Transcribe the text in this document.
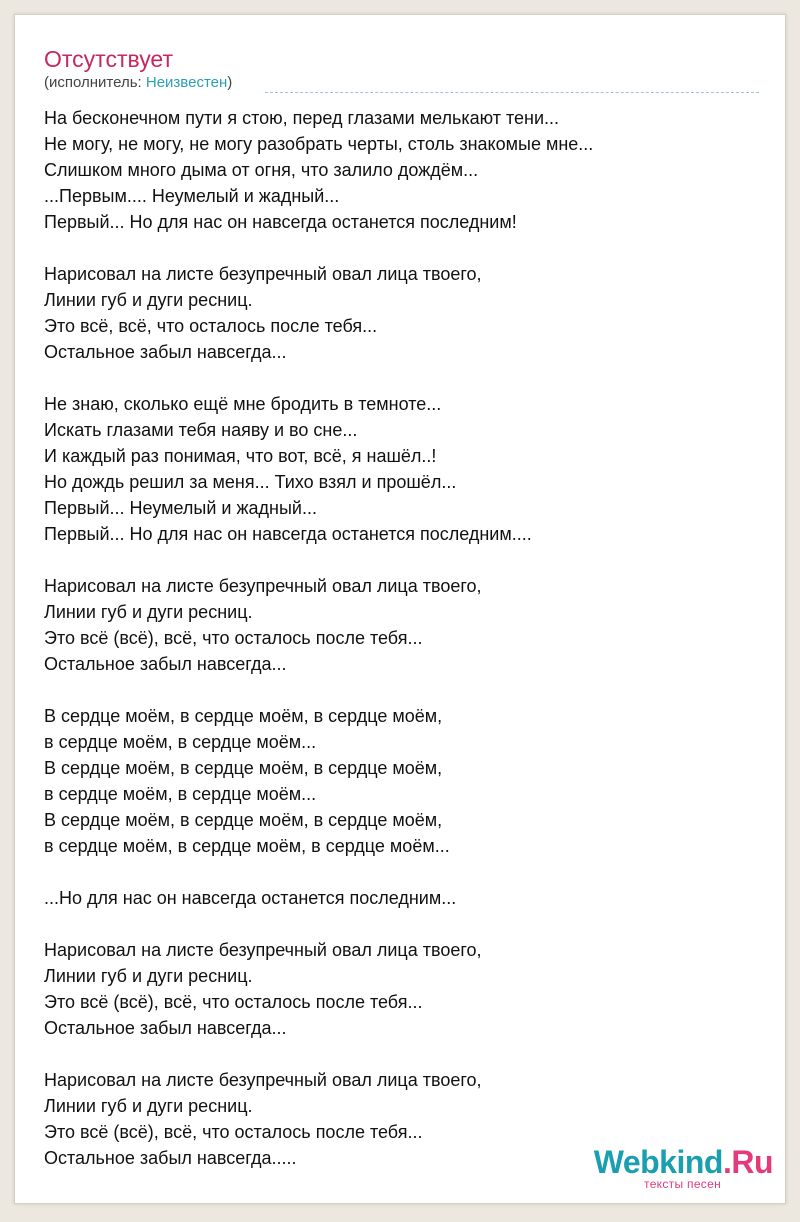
Отсутствует
(исполнитель: Неизвестен)
На бесконечном пути я стою, перед глазами мелькают тени...
Не могу, не могу, не могу разобрать черты, столь знакомые мне...
Слишком много дыма от огня, что залило дождём...
...Первым.... Неумелый и жадный...
Первый... Но для нас он навсегда останется последним!
Нарисовал на листе безупречный овал лица твоего,
Линии губ и дуги ресниц.
Это всё, всё, что осталось после тебя...
Остальное забыл навсегда...
Не знаю, сколько ещё мне бродить в темноте...
Искать глазами тебя наяву и во сне...
И каждый раз понимая, что вот, всё, я нашёл..!
Но дождь решил за меня... Тихо взял и прошёл...
Первый... Неумелый и жадный...
Первый... Но для нас он навсегда останется последним....
Нарисовал на листе безупречный овал лица твоего,
Линии губ и дуги ресниц.
Это всё (всё), всё, что осталось после тебя...
Остальное забыл навсегда...
В сердце моём, в сердце моём, в сердце моём,
в сердце моём, в сердце моём...
В сердце моём, в сердце моём, в сердце моём,
в сердце моём, в сердце моём...
В сердце моём, в сердце моём, в сердце моём,
в сердце моём, в сердце моём, в сердце моём...
...Но для нас он навсегда останется последним...
Нарисовал на листе безупречный овал лица твоего,
Линии губ и дуги ресниц.
Это всё (всё), всё, что осталось после тебя...
Остальное забыл навсегда...
Нарисовал на листе безупречный овал лица твоего,
Линии губ и дуги ресниц.
Это всё (всё), всё, что осталось после тебя...
Остальное забыл навсегда.....	Webkind.Ru
тексты песен
